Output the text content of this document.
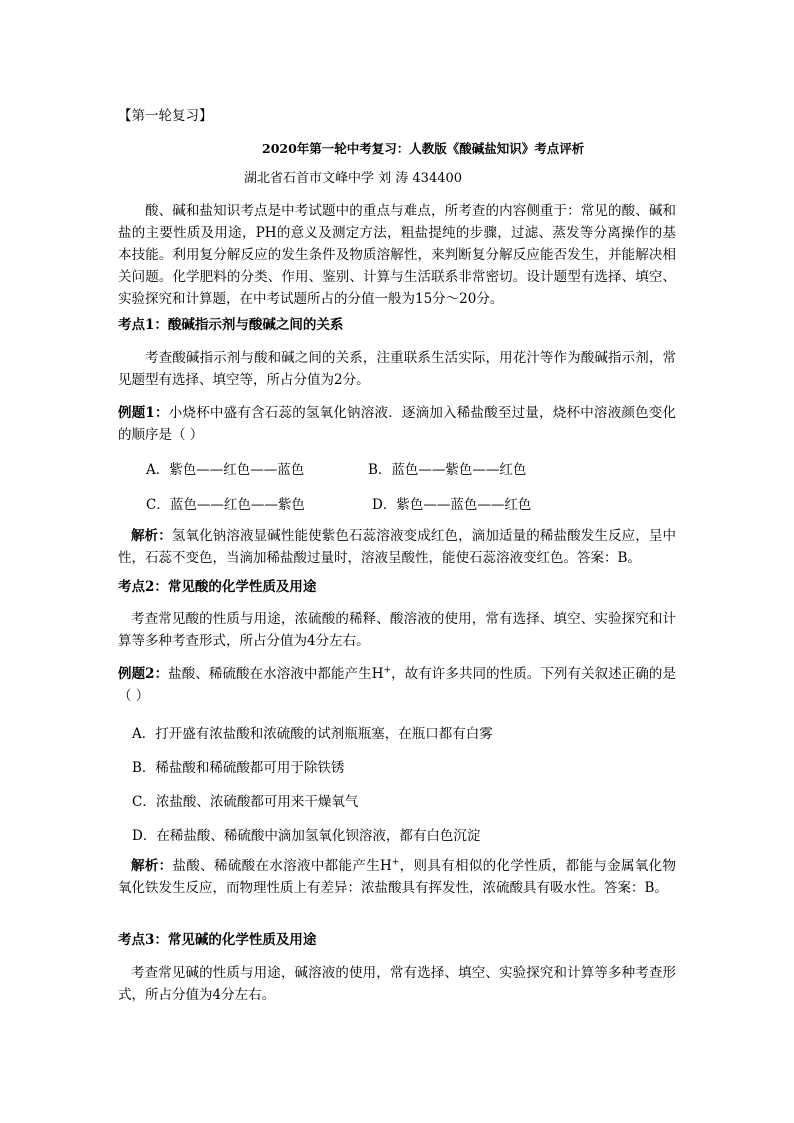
【第一轮复习】
2020年第一轮中考复习：人教版《酸碱盐知识》考点评析
湖北省石首市文峰中学 刘 涛 434400
酸、碱和盐知识考点是中考试题中的重点与难点，所考查的内容侧重于：常见的酸、碱和盐的主要性质及用途，PH的意义及测定方法，粗盐提纯的步骤，过滤、蒸发等分离操作的基本技能。利用复分解反应的发生条件及物质溶解性，来判断复分解反应能否发生，并能解决相关问题。化学肥料的分类、作用、鉴别、计算与生活联系非常密切。设计题型有选择、填空、实验探究和计算题，在中考试题所占的分值一般为15分～20分。
考点1：酸碱指示剂与酸碱之间的关系
考查酸碱指示剂与酸和碱之间的关系，注重联系生活实际，用花汁等作为酸碱指示剂，常见题型有选择、填空等，所占分值为2分。
例题1：小烧杯中盛有含石蕊的氢氧化钠溶液．逐滴加入稀盐酸至过量，烧杯中溶液颜色变化的顺序是（ ）
A．紫色——红色——蓝色	B．蓝色——紫色——红色
C．蓝色——红色——紫色	D．紫色——蓝色——红色
解析：氢氧化钠溶液显碱性能使紫色石蕊溶液变成红色，滴加适量的稀盐酸发生反应，呈中性，石蕊不变色，当滴加稀盐酸过量时，溶液呈酸性，能使石蕊溶液变红色。答案：B。
考点2：常见酸的化学性质及用途
考查常见酸的性质与用途，浓硫酸的稀释、酸溶液的使用，常有选择、填空、实验探究和计算等多种考查形式，所占分值为4分左右。
例题2：盐酸、稀硫酸在水溶液中都能产生H+，故有许多共同的性质。下列有关叙述正确的是（ ）
A．打开盛有浓盐酸和浓硫酸的试剂瓶瓶塞，在瓶口都有白雾
B．稀盐酸和稀硫酸都可用于除铁锈
C．浓盐酸、浓硫酸都可用来干燥氧气
D．在稀盐酸、稀硫酸中滴加氢氧化钡溶液，都有白色沉淀
解析：盐酸、稀硫酸在水溶液中都能产生H+，则具有相似的化学性质，都能与金属氧化物氧化铁发生反应，而物理性质上有差异：浓盐酸具有挥发性，浓硫酸具有吸水性。答案：B。
考点3：常见碱的化学性质及用途
考查常见碱的性质与用途，碱溶液的使用，常有选择、填空、实验探究和计算等多种考查形式，所占分值为4分左右。
